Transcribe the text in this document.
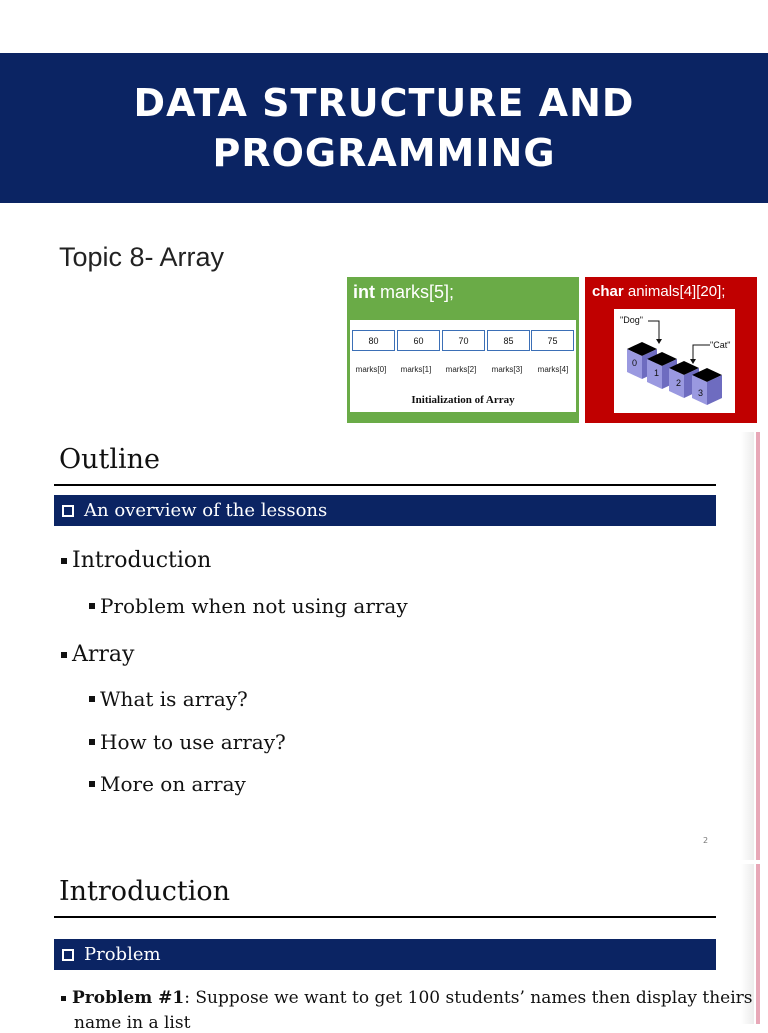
DATA STRUCTURE AND
PROGRAMMING
Topic 8- Array
int marks[5];
80	60	70	85	75
marks[0]	marks[1]	marks[2]	marks[3]	marks[4]
Initialization of Array
char animals[4][20];
"Dog"
"Cat"
0
1
2
3
Outline
An overview of the lessons
Introduction
Problem when not using array
Array
What is array?
How to use array?
More on array
2
Introduction
Problem
Problem #1: Suppose we want to get 100 students’ names then display theirs
name in a list
